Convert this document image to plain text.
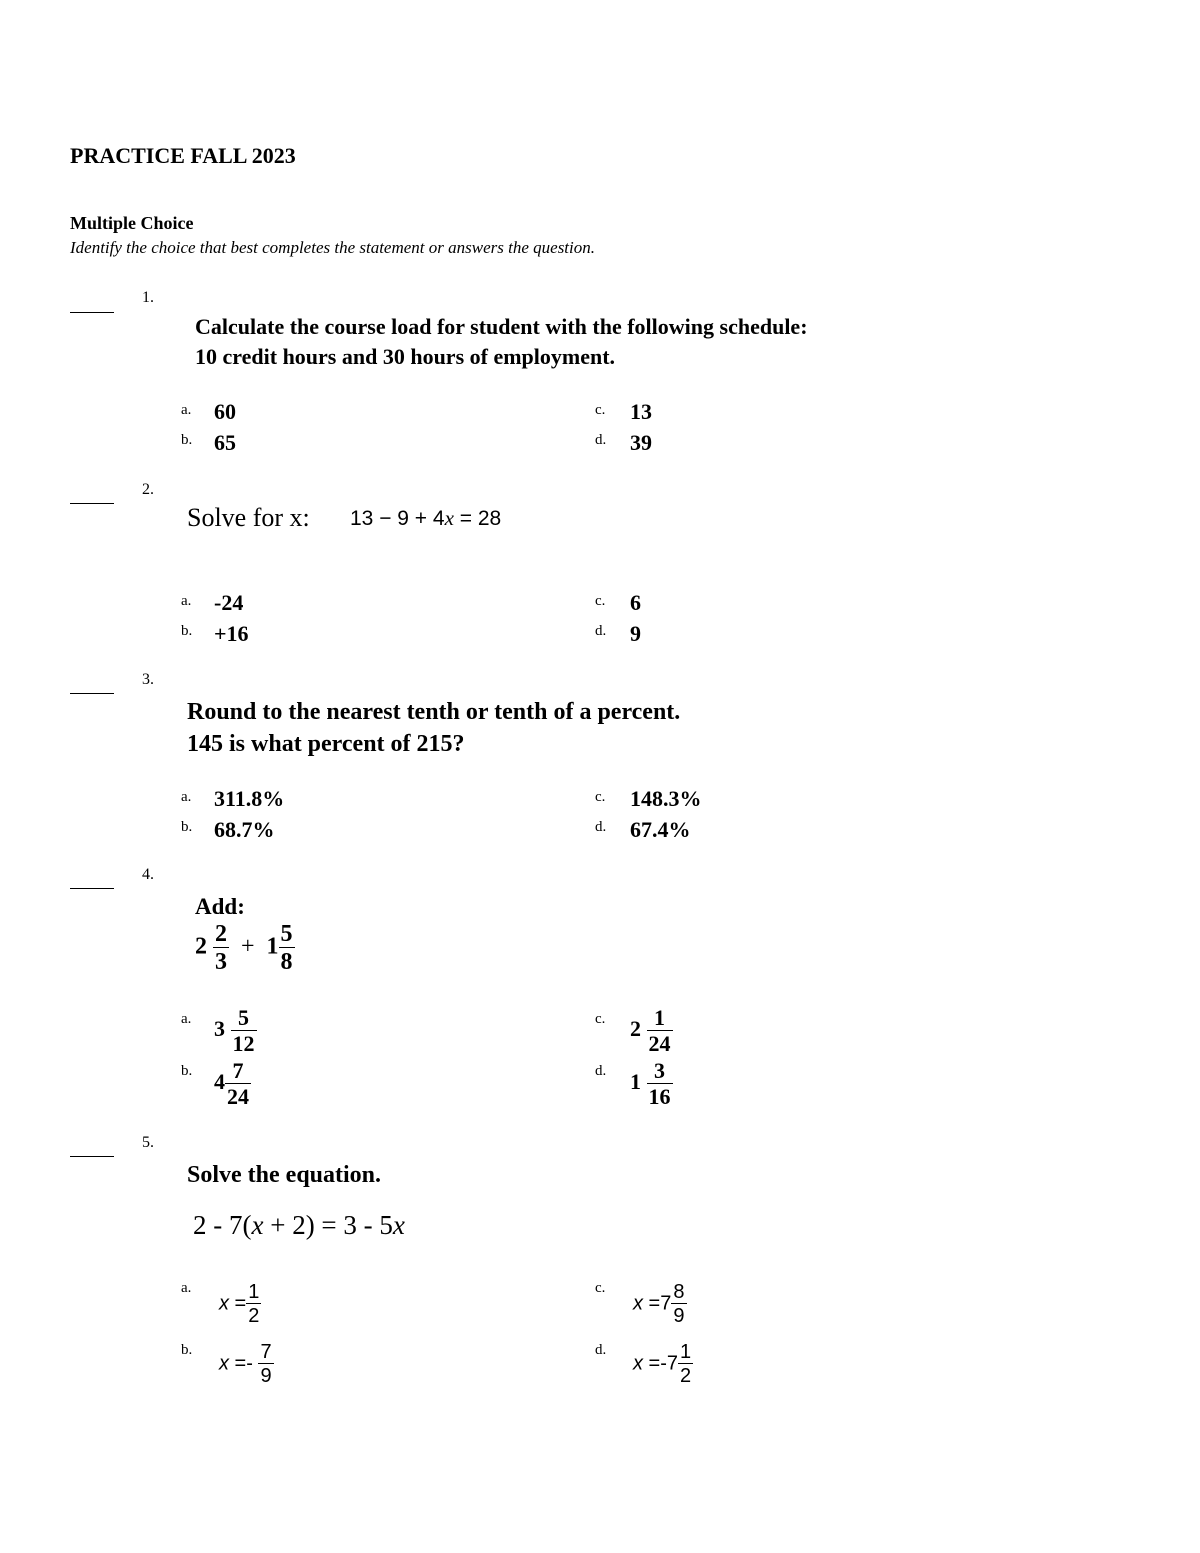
PRACTICE FALL 2023
Multiple Choice
Identify the choice that best completes the statement or answers the question.
1.
Calculate the course load for student with the following schedule:
10 credit hours and 30 hours of employment.
a. 60
b. 65
c. 13
d. 39
2.
Solve for x: 13 − 9 + 4x = 28
a. -24
b. +16
c. 6
d. 9
3.
Round to the nearest tenth or tenth of a percent.
145 is what percent of 215?
a. 311.8%
b. 68.7%
c. 148.3%
d. 67.4%
4.
Add:
$2 \frac{2}{3} + 1 \frac{5}{8}$
a. $3 \frac{5}{12}$
b. $4 \frac{7}{24}$
c. $2 \frac{1}{24}$
d. $1 \frac{3}{16}$
5.
Solve the equation.
2 - 7(x + 2) = 3 - 5x
a.
$x = \frac{1}{2}$
b.
$x =- \frac{7}{9}$
c.
$x =7 \frac{8}{9}$
d.
$x =-7 \frac{1}{2}$
